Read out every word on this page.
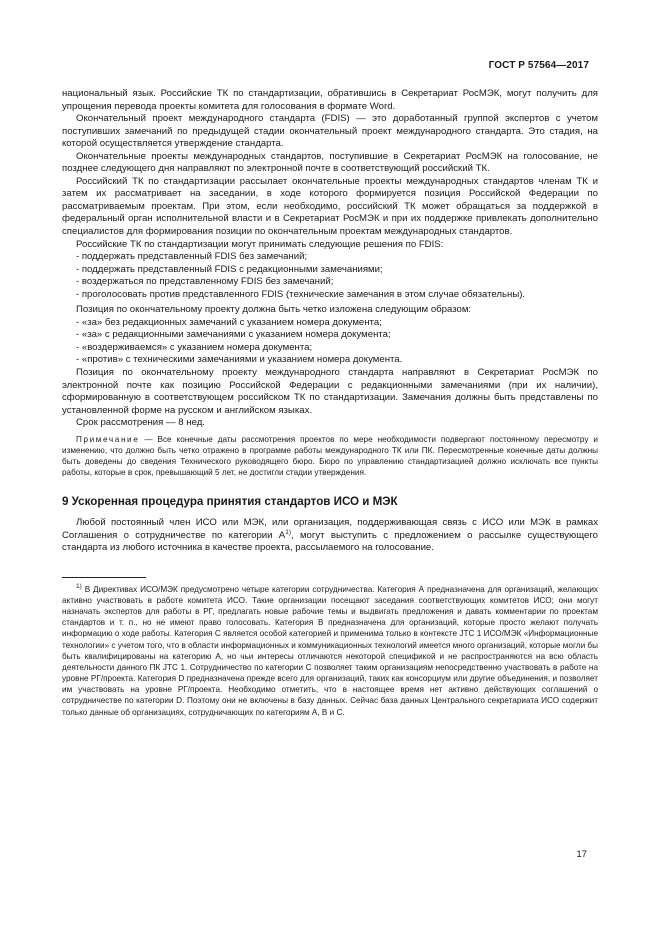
ГОСТ Р 57564—2017

национальный язык. Российские ТК по стандартизации, обратившись в Секретариат РосМЭК, могут получить для упрощения перевода проекты комитета для голосования в формате Word.

Окончательный проект международного стандарта (FDIS) — это доработанный группой экспертов с учетом поступивших замечаний по предыдущей стадии окончательный проект международного стандарта. Это стадия, на которой осуществляется утверждение стандарта.

Окончательные проекты международных стандартов, поступившие в Секретариат РосМЭК на голосование, не позднее следующего дня направляют по электронной почте в соответствующий российский ТК.

Российский ТК по стандартизации рассылает окончательные проекты международных стандартов членам ТК и затем их рассматривает на заседании, в ходе которого формируется позиция Российской Федерации по рассматриваемым проектам. При этом, если необходимо, российский ТК может обращаться за поддержкой в федеральный орган исполнительной власти и в Секретариат РосМЭК и при их поддержке привлекать дополнительно специалистов для формирования позиции по окончательным проектам международных стандартов.

Российские ТК по стандартизации могут принимать следующие решения по FDIS:

- поддержать представленный FDIS без замечаний;

- поддержать представленный FDIS с редакционными замечаниями;

- воздержаться по представленному FDIS без замечаний;

- проголосовать против представленного FDIS (технические замечания в этом случае обязательны).

Позиция по окончательному проекту должна быть четко изложена следующим образом:

- «за» без редакционных замечаний с указанием номера документа;

- «за» с редакционными замечаниями с указанием номера документа;

- «воздерживаемся» с указанием номера документа;

- «против» с техническими замечаниями и указанием номера документа.

Позиция по окончательному проекту международного стандарта направляют в Секретариат РосМЭК по электронной почте как позицию Российской Федерации с редакционными замечаниями (при их наличии), сформированную в соответствующем российском ТК по стандартизации. Замечания должны быть представлены по установленной форме на русском и английском языках.

Срок рассмотрения — 8 нед.

Примечание — Все конечные даты рассмотрения проектов по мере необходимости подвергают постоянному пересмотру и изменению, что должно быть четко отражено в программе работы международного ТК или ПК. Пересмотренные конечные даты должны быть доведены до сведения Технического руководящего бюро. Бюро по управлению стандартизацией должно исключать все пункты работы, которые в срок, превышающий 5 лет, не достигли стадии утверждения.

9 Ускоренная процедура принятия стандартов ИСО и МЭК

Любой постоянный член ИСО или МЭК, или организация, поддерживающая связь с ИСО или МЭК в рамках Соглашения о сотрудничестве по категории $А^{1)}$, могут выступить с предложением о рассылке существующего стандарта из любого источника в качестве проекта, рассылаемого на голосование.

$^{1)}$ В Директивах ИСО/МЭК предусмотрено четыре категории сотрудничества. Категория А предназначена для организаций, желающих активно участвовать в работе комитета ИСО. Такие организации посещают заседания соответствующих комитетов ИСО; они могут назначать экспертов для работы в РГ, предлагать новые рабочие темы и выдвигать предложения и давать комментарии по проектам стандартов и т. п., но не имеют право голосовать. Категория В предназначена для организаций, которые просто желают получать информацию о ходе работы. Категория С является особой категорией и применима только в контексте JTC 1 ИСО/МЭК «Информационные технологии» с учетом того, что в области информационных и коммуникационных технологий имеется много организаций, которые могли бы быть квалифицированы на категорию А, но чьи интересы отличаются некоторой спецификой и не распространяются на всю область деятельности данного ПК JTC 1. Сотрудничество по категории С позволяет таким организациям непосредственно участвовать в работе на уровне РГ/проекта. Категория D предназначена прежде всего для организаций, таких как консорциум или другие объединения, и позволяет им участвовать на уровне РГ/проекта. Необходимо отметить, что в настоящее время нет активно действующих соглашений о сотрудничестве по категории D. Поэтому они не включены в базу данных. Сейчас база данных Центрального секретариата ИСО содержит только данные об организациях, сотрудничающих по категориям А, В и С.

17
